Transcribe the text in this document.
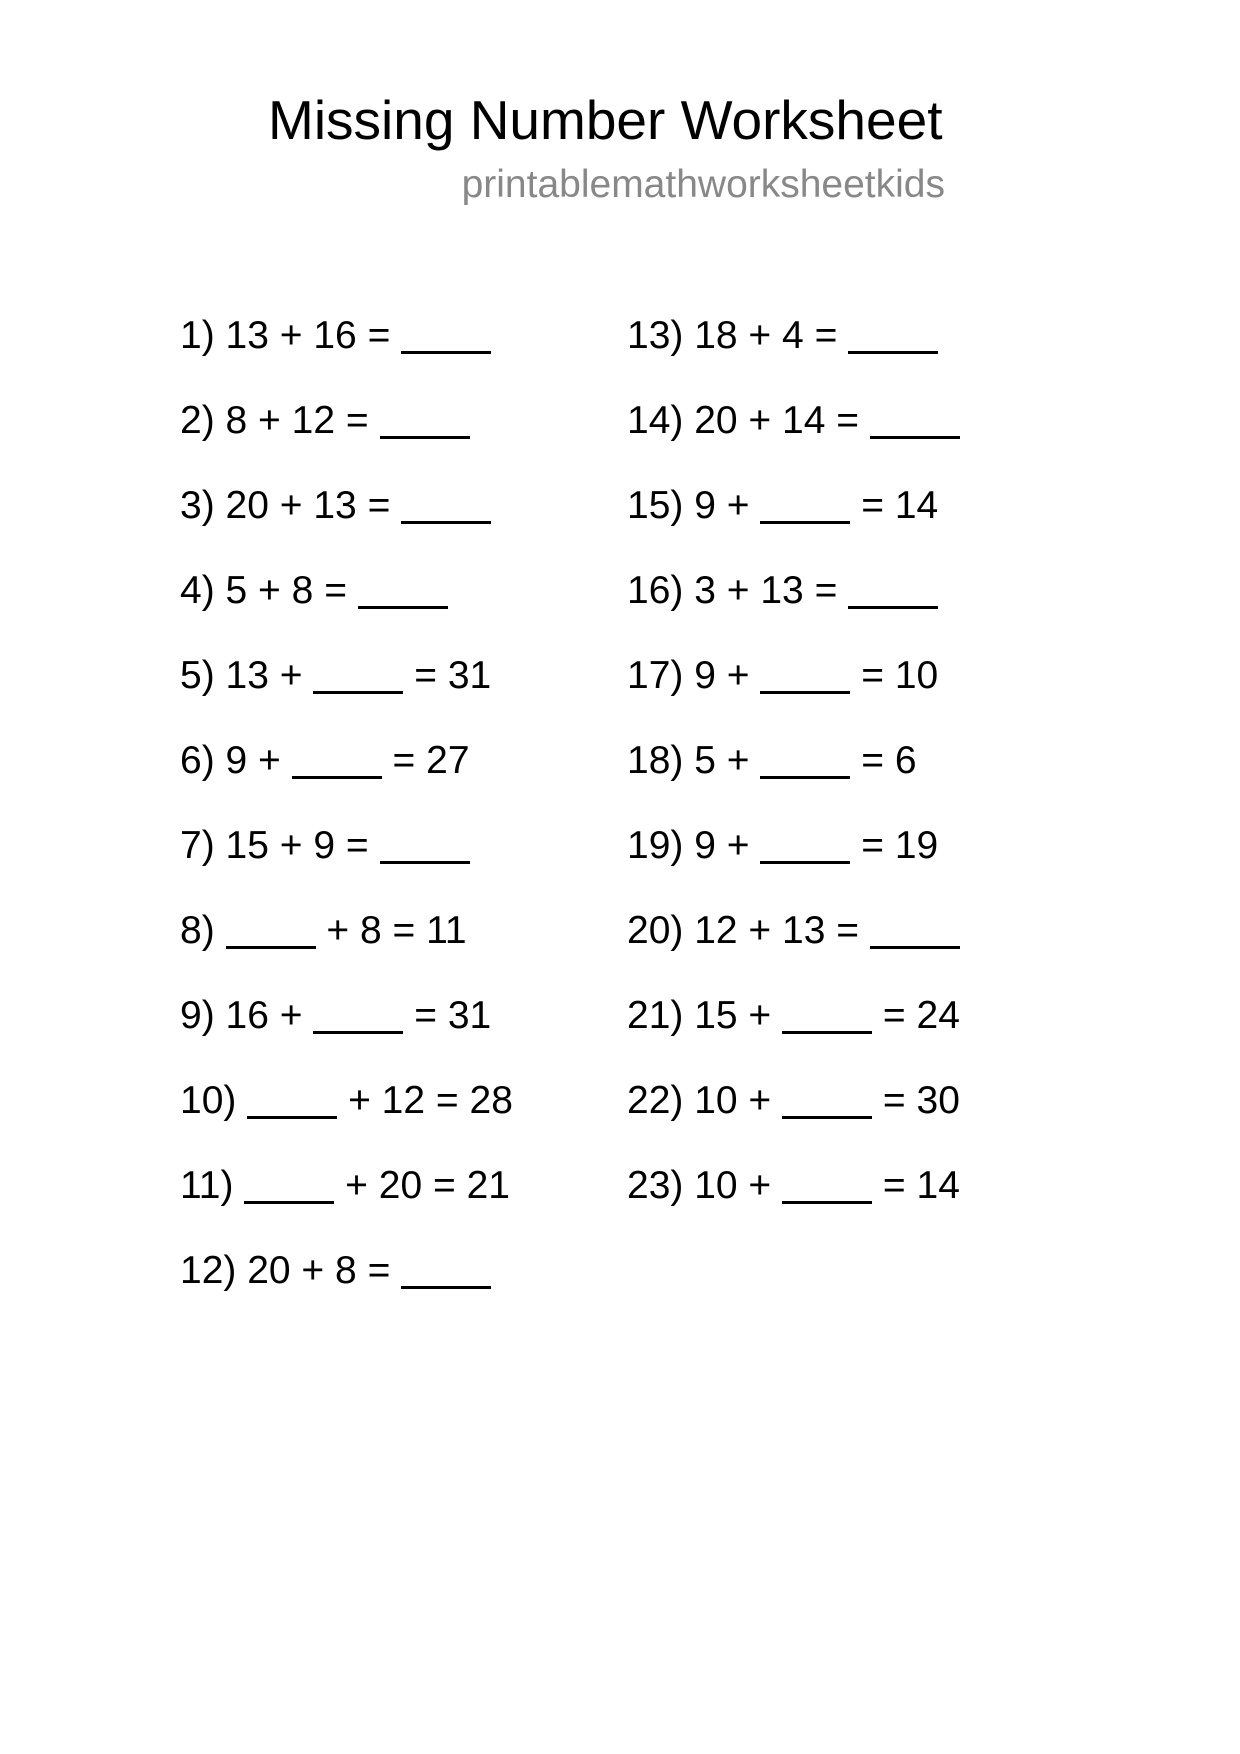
Missing Number Worksheet
printablemathworksheetkids
1) 13 + 16 =
2) 8 + 12 =
3) 20 + 13 =
4) 5 + 8 =
5) 13 +	= 31
6) 9 +	= 27
7) 15 + 9 =
8)	+ 8 = 11
9) 16 +	= 31
10)	+ 12 = 28
11)	+ 20 = 21
12) 20 + 8 =
13) 18 + 4 =
14) 20 + 14 =
15) 9 +	= 14
16) 3 + 13 =
17) 9 +	= 10
18) 5 +	= 6
19) 9 +	= 19
20) 12 + 13 =
21) 15 +	= 24
22) 10 +	= 30
23) 10 +	= 14
